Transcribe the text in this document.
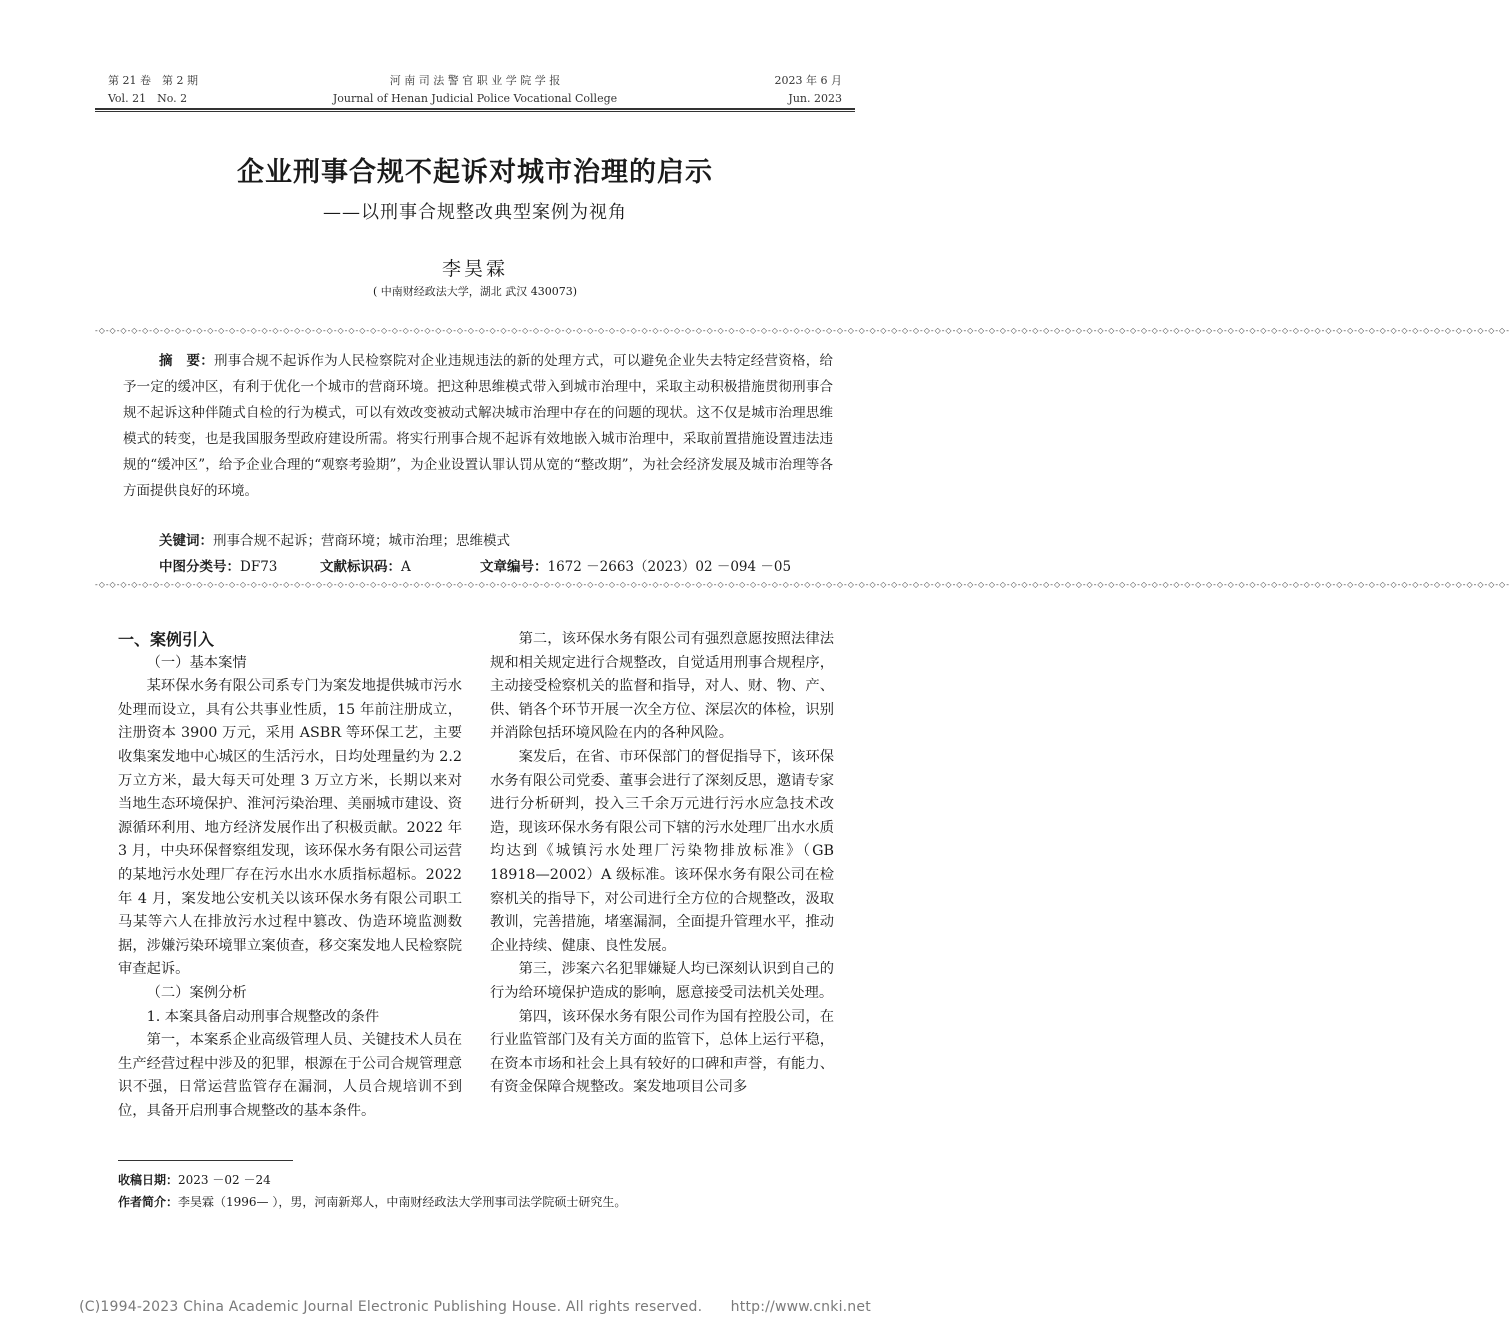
第 21 卷　第 2 期
Vol. 21　No. 2
河 南 司 法 警 官 职 业 学 院 学 报
Journal of Henan Judicial Police Vocational College
2023 年 6 月
Jun. 2023
企业刑事合规不起诉对城市治理的启示
——以刑事合规整改典型案例为视角
李昊霖
( 中南财经政法大学，湖北 武汉 430073)
-◇-◇-◇-◇-◇-◇-◇-◇-◇-◇-◇-◇-◇-◇-◇-◇-◇-◇-◇-◇-◇-◇-◇-◇-◇-◇-◇-◇-◇-◇-◇-◇-◇-◇-◇-◇-◇-◇-◇-◇-◇-◇-◇-◇-◇-◇-◇-◇-◇-◇-◇-◇-◇-◇-◇-◇-◇-◇-◇-◇-◇-◇-◇-◇-◇-◇-◇-◇-◇-◇-◇-◇-◇-◇-◇-◇-◇-◇-◇-◇-◇-◇-◇-◇-◇-◇-◇-◇-◇-◇-◇-◇-◇-◇-◇-◇-◇-◇-◇-◇-◇-◇-◇-◇-◇-◇-◇-◇-◇-◇-◇-◇-◇-◇-◇-◇-◇-◇-◇-◇-◇-◇-◇-◇-◇-◇-◇-◇-◇-◇-
摘　要：刑事合规不起诉作为人民检察院对企业违规违法的新的处理方式，可以避免企业失去特定经营资格，给予一定的缓冲区，有利于优化一个城市的营商环境。把这种思维模式带入到城市治理中，采取主动积极措施贯彻刑事合规不起诉这种伴随式自检的行为模式，可以有效改变被动式解决城市治理中存在的问题的现状。这不仅是城市治理思维模式的转变，也是我国服务型政府建设所需。将实行刑事合规不起诉有效地嵌入城市治理中，采取前置措施设置违法违规的“缓冲区”，给予企业合理的“观察考验期”，为企业设置认罪认罚从宽的“整改期”，为社会经济发展及城市治理等各方面提供良好的环境。
关键词：刑事合规不起诉；营商环境；城市治理；思维模式
中图分类号：DF73	文献标识码：A	文章编号：1672 －2663（2023）02 －094 －05
-◇-◇-◇-◇-◇-◇-◇-◇-◇-◇-◇-◇-◇-◇-◇-◇-◇-◇-◇-◇-◇-◇-◇-◇-◇-◇-◇-◇-◇-◇-◇-◇-◇-◇-◇-◇-◇-◇-◇-◇-◇-◇-◇-◇-◇-◇-◇-◇-◇-◇-◇-◇-◇-◇-◇-◇-◇-◇-◇-◇-◇-◇-◇-◇-◇-◇-◇-◇-◇-◇-◇-◇-◇-◇-◇-◇-◇-◇-◇-◇-◇-◇-◇-◇-◇-◇-◇-◇-◇-◇-◇-◇-◇-◇-◇-◇-◇-◇-◇-◇-◇-◇-◇-◇-◇-◇-◇-◇-◇-◇-◇-◇-◇-◇-◇-◇-◇-◇-◇-◇-◇-◇-◇-◇-◇-◇-◇-◇-◇-◇-

一、案例引入

（一）基本案情

某环保水务有限公司系专门为案发地提供城市污水处理而设立，具有公共事业性质，15 年前注册成立，注册资本 3900 万元，采用 ASBR 等环保工艺，主要收集案发地中心城区的生活污水，日均处理量约为 2.2 万立方米，最大每天可处理 3 万立方米，长期以来对当地生态环境保护、淮河污染治理、美丽城市建设、资源循环利用、地方经济发展作出了积极贡献。2022 年 3 月，中央环保督察组发现，该环保水务有限公司运营的某地污水处理厂存在污水出水水质指标超标。2022 年 4 月，案发地公安机关以该环保水务有限公司职工马某等六人在排放污水过程中篡改、伪造环境监测数据，涉嫌污染环境罪立案侦查，移交案发地人民检察院审查起诉。

（二）案例分析

1. 本案具备启动刑事合规整改的条件

第一，本案系企业高级管理人员、关键技术人员在生产经营过程中涉及的犯罪，根源在于公司合规管理意识不强，日常运营监管存在漏洞，人员合规培训不到位，具备开启刑事合规整改的基本条件。

第二，该环保水务有限公司有强烈意愿按照法律法规和相关规定进行合规整改，自觉适用刑事合规程序，主动接受检察机关的监督和指导，对人、财、物、产、供、销各个环节开展一次全方位、深层次的体检，识别并消除包括环境风险在内的各种风险。

案发后，在省、市环保部门的督促指导下，该环保水务有限公司党委、董事会进行了深刻反思，邀请专家进行分析研判，投入三千余万元进行污水应急技术改造，现该环保水务有限公司下辖的污水处理厂出水水质均达到《城镇污水处理厂污染物排放标准》（GB 18918—2002）A 级标准。该环保水务有限公司在检察机关的指导下，对公司进行全方位的合规整改，汲取教训，完善措施，堵塞漏洞，全面提升管理水平，推动企业持续、健康、良性发展。

第三，涉案六名犯罪嫌疑人均已深刻认识到自己的行为给环境保护造成的影响，愿意接受司法机关处理。

第四，该环保水务有限公司作为国有控股公司，在行业监管部门及有关方面的监管下，总体上运行平稳，在资本市场和社会上具有较好的口碑和声誉，有能力、有资金保障合规整改。案发地项目公司多

收稿日期：2023 －02 －24
作者简介：李昊霖（1996— ），男，河南新郑人，中南财经政法大学刑事司法学院硕士研究生。
(C)1994-2023 China Academic Journal Electronic Publishing House. All rights reserved.　　http://www.cnki.net
